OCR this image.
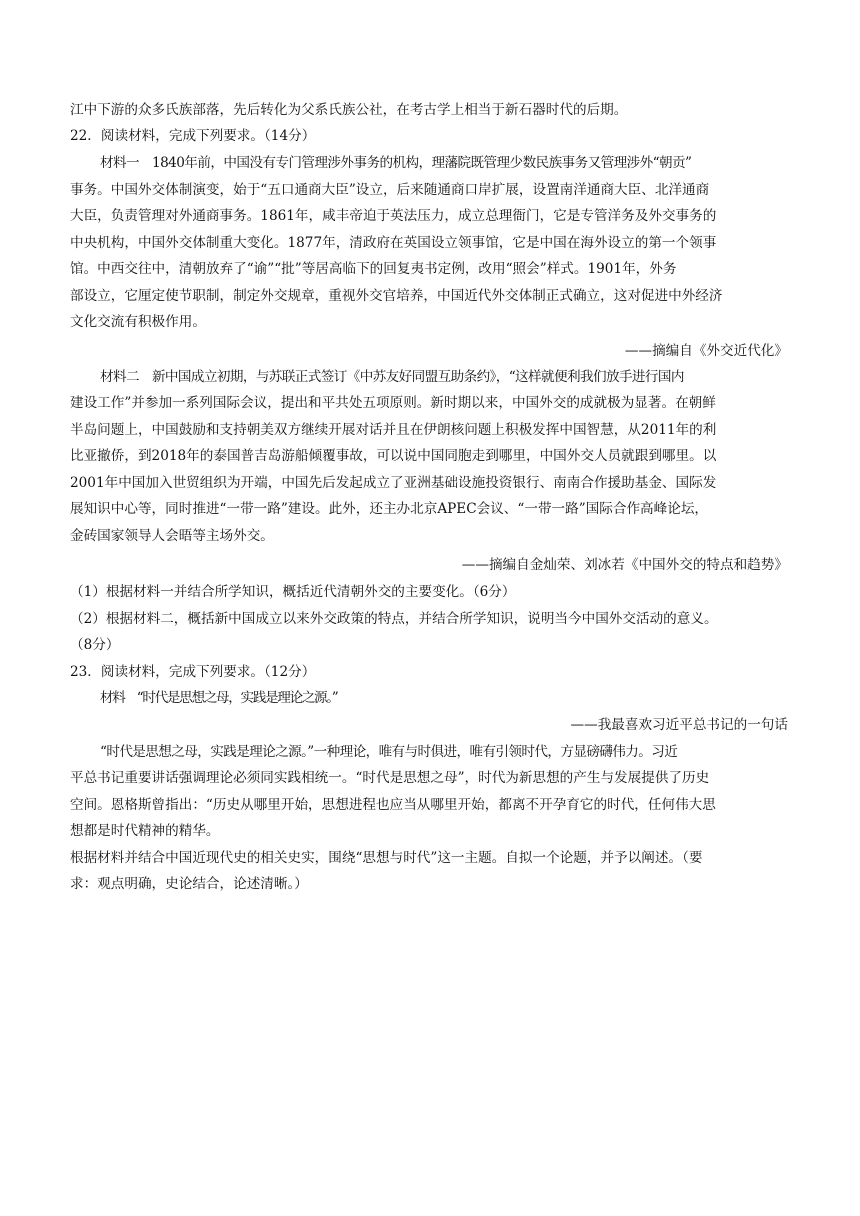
江中下游的众多氏族部落，先后转化为父系氏族公社，在考古学上相当于新石器时代的后期。
22．阅读材料，完成下列要求。（14分）
材料一　1840年前，中国没有专门管理涉外事务的机构，理藩院既管理少数民族事务又管理涉外“朝贡”
事务。中国外交体制演变，始于“五口通商大臣”设立，后来随通商口岸扩展，设置南洋通商大臣、北洋通商
大臣，负责管理对外通商事务。1861年，咸丰帝迫于英法压力，成立总理衙门，它是专管洋务及外交事务的
中央机构，中国外交体制重大变化。1877年，清政府在英国设立领事馆，它是中国在海外设立的第一个领事
馆。中西交往中，清朝放弃了“谕”“批”等居高临下的回复夷书定例，改用“照会”样式。1901年，外务
部设立，它厘定使节职制，制定外交规章，重视外交官培养，中国近代外交体制正式确立，这对促进中外经济
文化交流有积极作用。
——摘编自《外交近代化》
材料二　新中国成立初期，与苏联正式签订《中苏友好同盟互助条约》，“这样就便利我们放手进行国内
建设工作”并参加一系列国际会议，提出和平共处五项原则。新时期以来，中国外交的成就极为显著。在朝鲜
半岛问题上，中国鼓励和支持朝美双方继续开展对话并且在伊朗核问题上积极发挥中国智慧，从2011年的利
比亚撤侨，到2018年的泰国普吉岛游船倾覆事故，可以说中国同胞走到哪里，中国外交人员就跟到哪里。以
2001年中国加入世贸组织为开端，中国先后发起成立了亚洲基础设施投资银行、南南合作援助基金、国际发
展知识中心等，同时推进“一带一路”建设。此外，还主办北京APEC会议、“一带一路”国际合作高峰论坛，
金砖国家领导人会晤等主场外交。
——摘编自金灿荣、刘冰若《中国外交的特点和趋势》
（1）根据材料一并结合所学知识，概括近代清朝外交的主要变化。（6分）
（2）根据材料二，概括新中国成立以来外交政策的特点，并结合所学知识，说明当今中国外交活动的意义。
（8分）
23．阅读材料，完成下列要求。（12分）
材料　“时代是思想之母，实践是理论之源。”
——我最喜欢习近平总书记的一句话
“时代是思想之母，实践是理论之源。”一种理论，唯有与时俱进，唯有引领时代，方显磅礴伟力。习近
平总书记重要讲话强调理论必须同实践相统一。“时代是思想之母”，时代为新思想的产生与发展提供了历史
空间。恩格斯曾指出：“历史从哪里开始，思想进程也应当从哪里开始，都离不开孕育它的时代，任何伟大思
想都是时代精神的精华。
根据材料并结合中国近现代史的相关史实，围绕“思想与时代”这一主题。自拟一个论题，并予以阐述。（要
求：观点明确，史论结合，论述清晰。）
